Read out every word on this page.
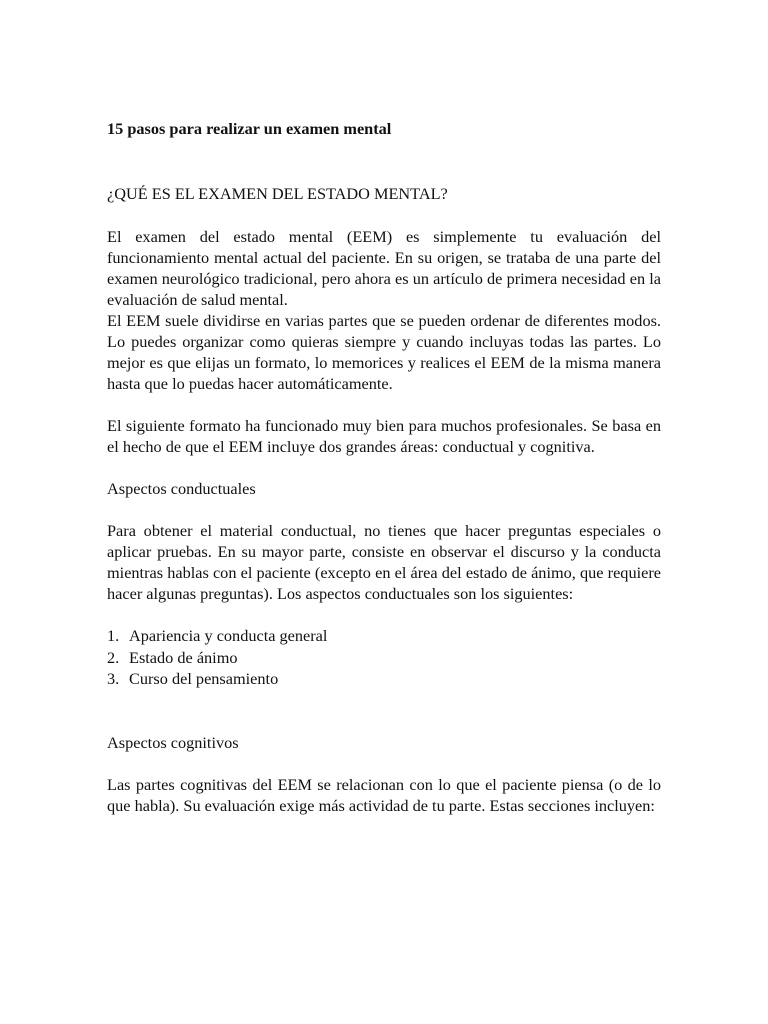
15 pasos para realizar un examen mental
¿QUÉ ES EL EXAMEN DEL ESTADO MENTAL?

El examen del estado mental (EEM) es simplemente tu evaluación del funcionamiento mental actual del paciente. En su origen, se trataba de una parte del examen neurológico tradicional, pero ahora es un artículo de primera necesidad en la evaluación de salud mental.

El EEM suele dividirse en varias partes que se pueden ordenar de diferentes modos. Lo puedes organizar como quieras siempre y cuando incluyas todas las partes. Lo mejor es que elijas un formato, lo memorices y realices el EEM de la misma manera hasta que lo puedas hacer automáticamente.

El siguiente formato ha funcionado muy bien para muchos profesionales. Se basa en el hecho de que el EEM incluye dos grandes áreas: conductual y cognitiva.

Aspectos conductuales

Para obtener el material conductual, no tienes que hacer preguntas especiales o aplicar pruebas. En su mayor parte, consiste en observar el discurso y la conducta mientras hablas con el paciente (excepto en el área del estado de ánimo, que requiere hacer algunas preguntas). Los aspectos conductuales son los siguientes:

1. Apariencia y conducta general
2. Estado de ánimo
3. Curso del pensamiento
Aspectos cognitivos

Las partes cognitivas del EEM se relacionan con lo que el paciente piensa (o de lo que habla). Su evaluación exige más actividad de tu parte. Estas secciones incluyen:
